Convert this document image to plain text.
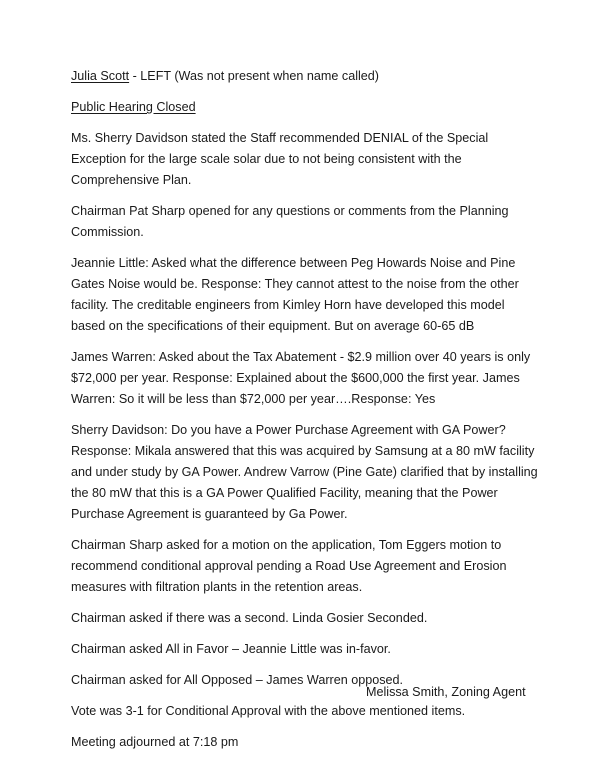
Julia Scott - LEFT (Was not present when name called)

Public Hearing Closed

Ms. Sherry Davidson stated the Staff recommended DENIAL of the Special Exception for the large scale solar due to not being consistent with the Comprehensive Plan.

Chairman Pat Sharp opened for any questions or comments from the Planning Commission.

Jeannie Little: Asked what the difference between Peg Howards Noise and Pine Gates Noise would be. Response: They cannot attest to the noise from the other facility. The creditable engineers from Kimley Horn have developed this model based on the specifications of their equipment. But on average 60-65 dB

James Warren: Asked about the Tax Abatement - $2.9 million over 40 years is only $72,000 per year. Response: Explained about the $600,000 the first year. James Warren: So it will be less than $72,000 per year….Response: Yes

Sherry Davidson: Do you have a Power Purchase Agreement with GA Power? Response: Mikala answered that this was acquired by Samsung at a 80 mW facility and under study by GA Power. Andrew Varrow (Pine Gate) clarified that by installing the 80 mW that this is a GA Power Qualified Facility, meaning that the Power Purchase Agreement is guaranteed by Ga Power.

Chairman Sharp asked for a motion on the application, Tom Eggers motion to recommend conditional approval pending a Road Use Agreement and Erosion measures with filtration plants in the retention areas.

Chairman asked if there was a second. Linda Gosier Seconded.

Chairman asked All in Favor – Jeannie Little was in-favor.

Chairman asked for All Opposed – James Warren opposed.

Vote was 3-1 for Conditional Approval with the above mentioned items.

Meeting adjourned at 7:18 pm

Melissa Smith, Zoning Agent
